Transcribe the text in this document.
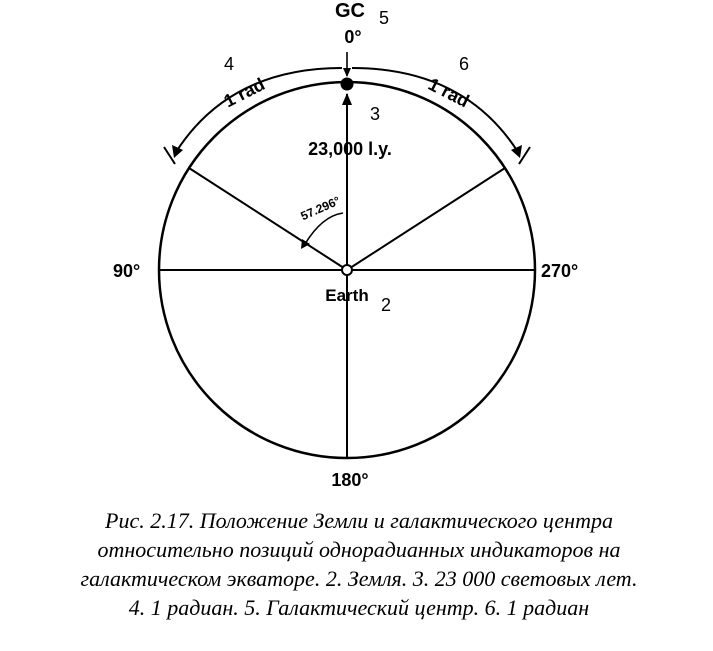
GC 5
0°
4	6
1 rad	1 rad
3
23,000 l.y.
57.296°
90°	270°
Earth 2
180°
Рис. 2.17. Положение Земли и галактического центра
относительно позиций однорадианных индикаторов на
галактическом экваторе. 2. Земля. 3. 23 000 световых лет.
4. 1 радиан. 5. Галактический центр. 6. 1 радиан
